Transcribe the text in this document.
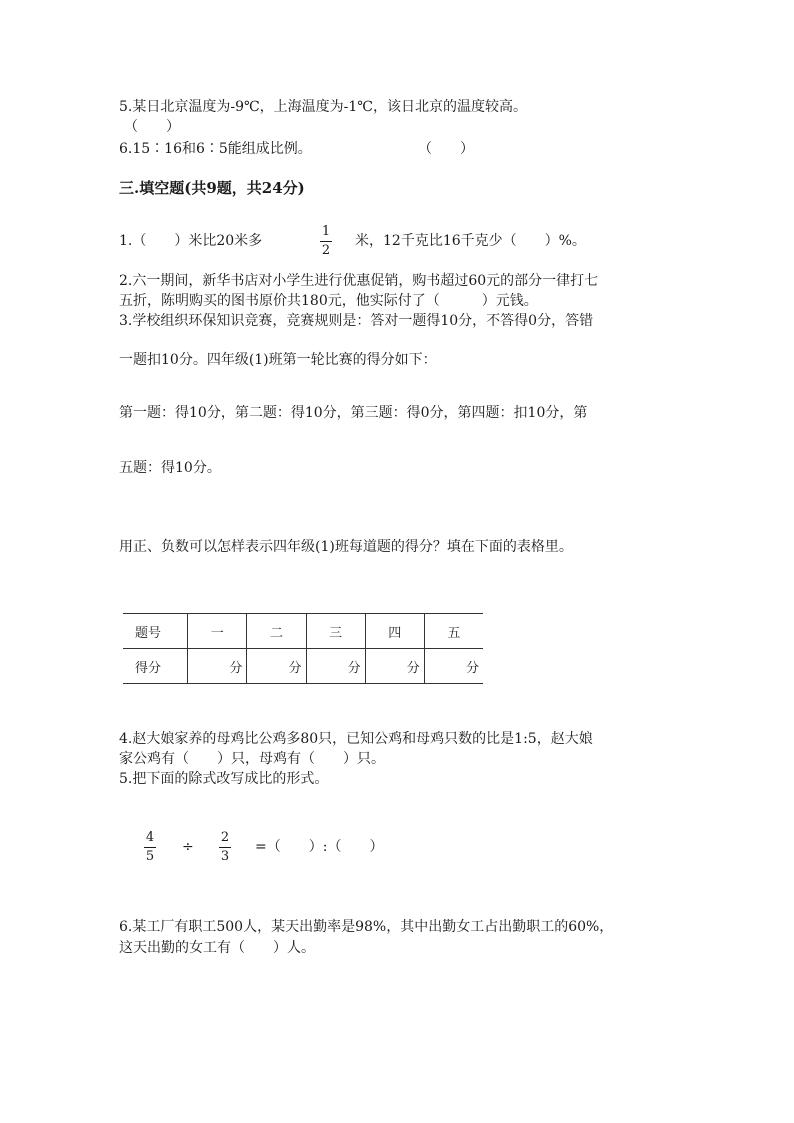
5.某日北京温度为-9℃，上海温度为-1℃，该日北京的温度较高。
（　　）
6.15∶16和6∶5能组成比例。	（　　）
三.填空题(共9题，共24分)
1.（　　）米比20米多
1
2
米，12千克比16千克少（　　）%。
2.六一期间，新华书店对小学生进行优惠促销，购书超过60元的部分一律打七
五折，陈明购买的图书原价共180元，他实际付了（　　　）元钱。
3.学校组织环保知识竞赛，竞赛规则是：答对一题得10分，不答得0分，答错
一题扣10分。四年级(1)班第一轮比赛的得分如下：
第一题：得10分，第二题：得10分，第三题：得0分，第四题：扣10分，第
五题：得10分。
用正、负数可以怎样表示四年级(1)班每道题的得分？填在下面的表格里。
题号	一	二	三	四	五
得分	分	分	分	分	分
4.赵大娘家养的母鸡比公鸡多80只，已知公鸡和母鸡只数的比是1:5，赵大娘
家公鸡有（　　）只，母鸡有（　　）只。
5.把下面的除式改写成比的形式。
4
5
÷
2
3
=（　　）:（　　）
6.某工厂有职工500人，某天出勤率是98%，其中出勤女工占出勤职工的60%，
这天出勤的女工有（　　）人。
